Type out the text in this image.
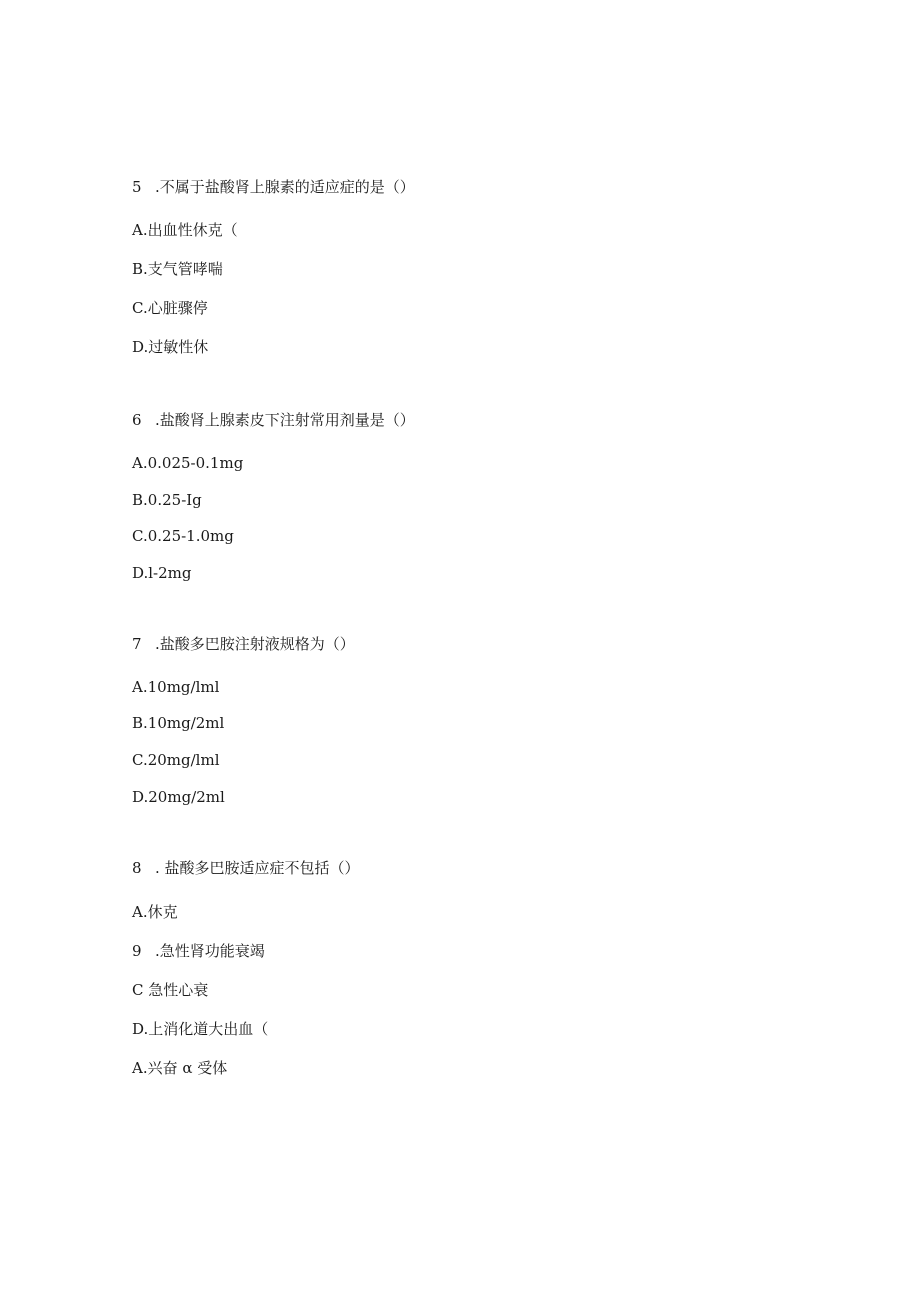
5 .不属于盐酸肾上腺素的适应症的是（）
A.出血性休克（
B.支气管哮喘
C.心脏骤停
D.过敏性休
6 .盐酸肾上腺素皮下注射常用剂量是（）
A.0.025-0.1mg
B.0.25-Ig
C.0.25-1.0mg
D.l-2mg
7 .盐酸多巴胺注射液规格为（）
A.10mg∕lml
B.10mg∕2ml
C.20mg∕lml
D.20mg∕2ml
8 . 盐酸多巴胺适应症不包括（）
A.休克
9 .急性肾功能衰竭
C 急性心衰
D.上消化道大出血（
A.兴奋 α 受体
